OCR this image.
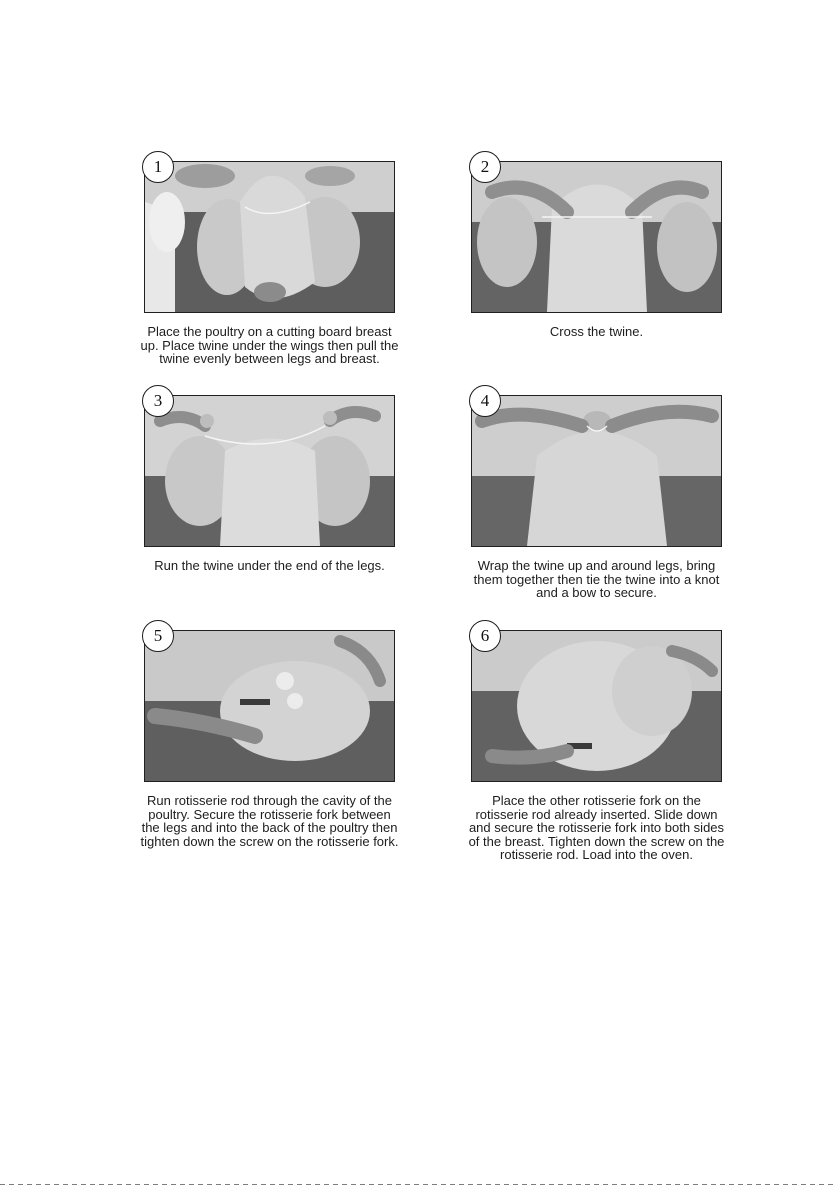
1

Place the poultry on a cutting board breast up. Place twine under the wings then pull the twine evenly between legs and breast.

2

Cross the twine.

3

Run the twine under the end of the legs.

4

Wrap the twine up and around legs, bring them together then tie the twine into a knot and a bow to secure.

5

Run rotisserie rod through the cavity of the poultry. Secure the rotisserie fork between the legs and into the back of the poultry then tighten down the screw on the rotisserie fork.

6

Place the other rotisserie fork on the rotisserie rod already inserted. Slide down and secure the rotisserie fork into both sides of the breast. Tighten down the screw on the rotisserie rod. Load into the oven.
